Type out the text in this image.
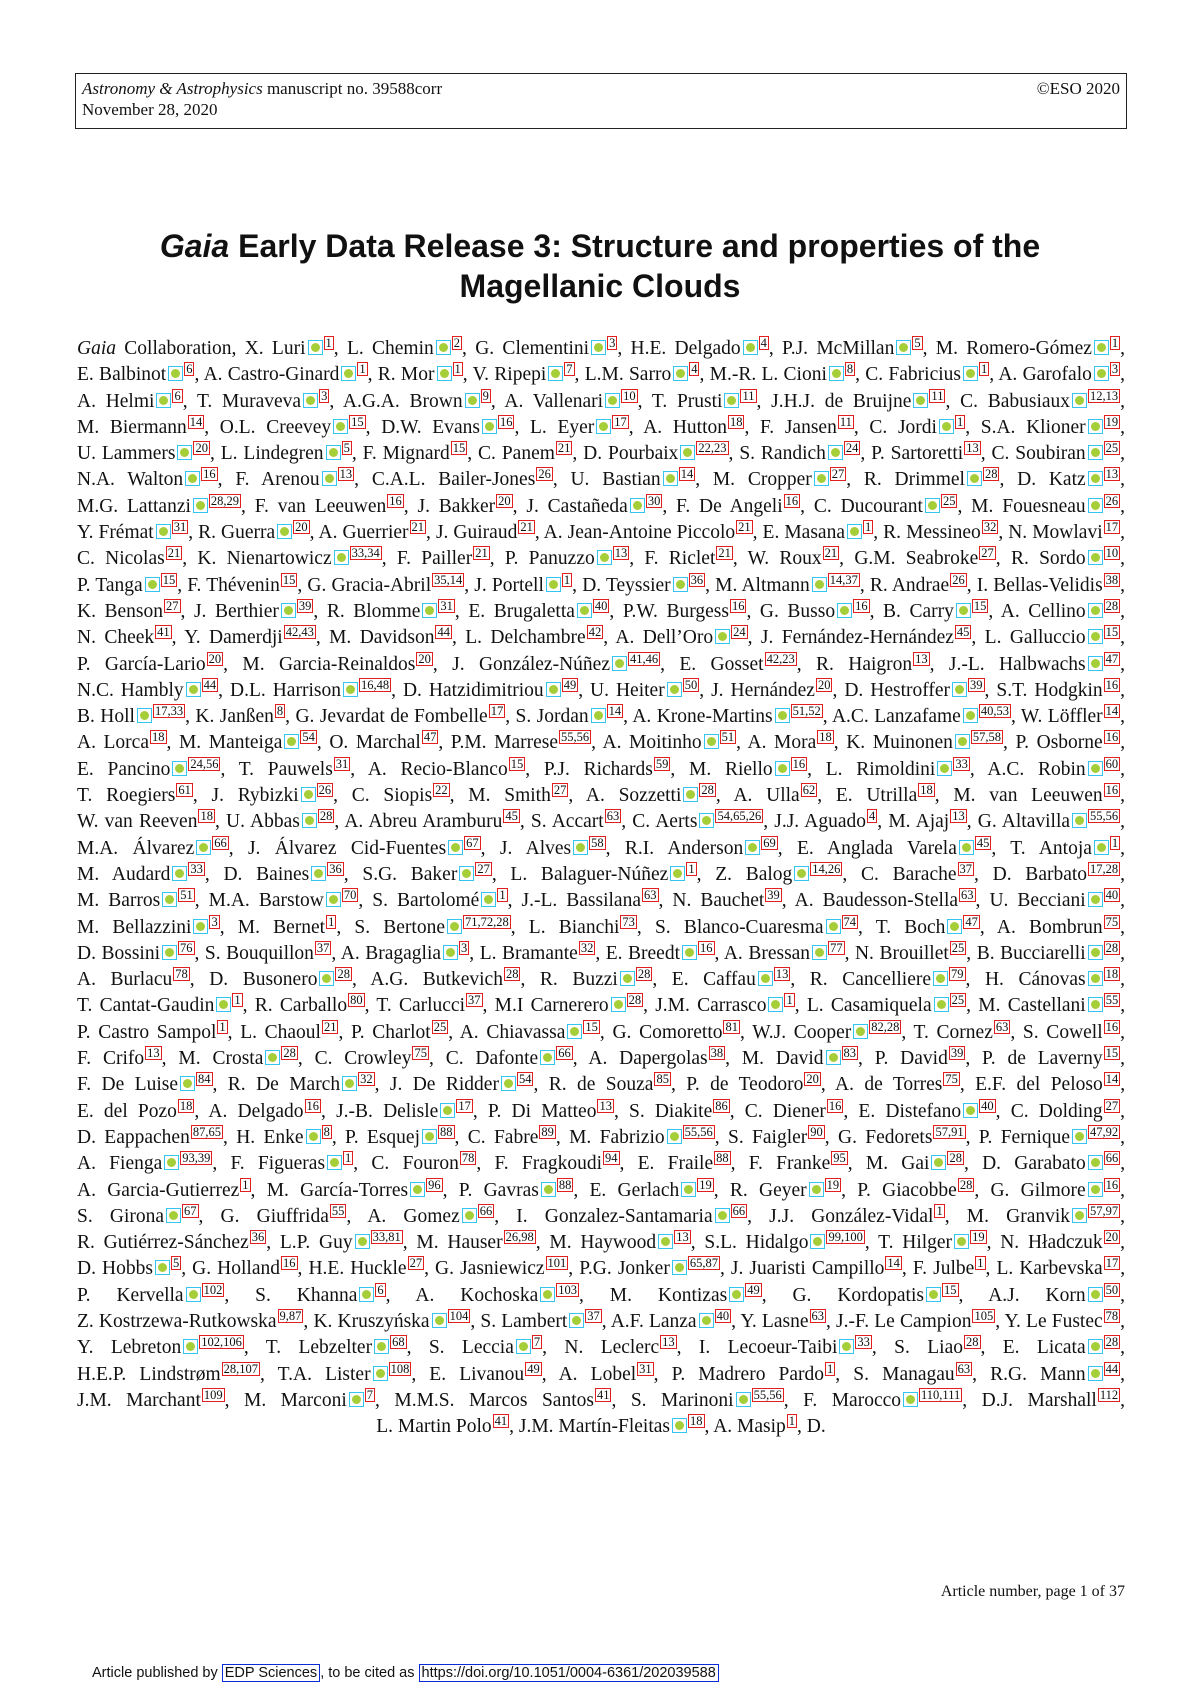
Astronomy & Astrophysics manuscript no. 39588corr
November 28, 2020
©ESO 2020
Gaia Early Data Release 3: Structure and properties of the Magellanic Clouds
Gaia Collaboration, X. Luri 1 , L. Chemin 2 , G. Clementini 3 , H.E. Delgado 4 , P.J. McMillan 5 , M. Romero-Gómez 1 , E. Balbinot 6 , A. Castro-Ginard 1 , R. Mor 1 , V. Ripepi 7 , L.M. Sarro 4 , M.-R. L. Cioni 8 , C. Fabricius 1 , A. Garofalo 3 , A. Helmi 6 , T. Muraveva 3 , A.G.A. Brown 9 , A. Vallenari 10 , T. Prusti 11 , J.H.J. de Bruijne 11 , C. Babusiaux 12,13 , M. Biermann 14 , O.L. Creevey 15 , D.W. Evans 16 , L. Eyer 17 , A. Hutton 18 , F. Jansen 11 , C. Jordi 1 , S.A. Klioner 19 , U. Lammers 20 , L. Lindegren 5 , F. Mignard 15 , C. Panem 21 , D. Pourbaix 22,23 , S. Randich 24 , P. Sartoretti 13 , C. Soubiran 25 , N.A. Walton 16 , F. Arenou 13 , C.A.L. Bailer-Jones 26 , U. Bastian 14 , M. Cropper 27 , R. Drimmel 28 , D. Katz 13 , M.G. Lattanzi 28,29 , F. van Leeuwen 16 , J. Bakker 20 , J. Castañeda 30 , F. De Angeli 16 , C. Ducourant 25 , M. Fouesneau 26 , Y. Frémat 31 , R. Guerra 20 , A. Guerrier 21 , J. Guiraud 21 , A. Jean-Antoine Piccolo 21 , E. Masana 1 , R. Messineo 32 , N. Mowlavi 17 , C. Nicolas 21 , K. Nienartowicz 33,34 , F. Pailler 21 , P. Panuzzo 13 , F. Riclet 21 , W. Roux 21 , G.M. Seabroke 27 , R. Sordo 10 , P. Tanga 15 , F. Thévenin 15 , G. Gracia-Abril 35,14 , J. Portell 1 , D. Teyssier 36 , M. Altmann 14,37 , R. Andrae 26 , I. Bellas-Velidis 38 , K. Benson 27 , J. Berthier 39 , R. Blomme 31 , E. Brugaletta 40 , P.W. Burgess 16 , G. Busso 16 , B. Carry 15 , A. Cellino 28 , N. Cheek 41 , Y. Damerdji 42,43 , M. Davidson 44 , L. Delchambre 42 , A. Dell’Oro 24 , J. Fernández-Hernández 45 , L. Galluccio 15 , P. García-Lario 20 , M. Garcia-Reinaldos 20 , J. González-Núñez 41,46 , E. Gosset 42,23 , R. Haigron 13 , J.-L. Halbwachs 47 , N.C. Hambly 44 , D.L. Harrison 16,48 , D. Hatzidimitriou 49 , U. Heiter 50 , J. Hernández 20 , D. Hestroffer 39 , S.T. Hodgkin 16 , B. Holl 17,33 , K. Janßen 8 , G. Jevardat de Fombelle 17 , S. Jordan 14 , A. Krone-Martins 51,52 , A.C. Lanzafame 40,53 , W. Löffler 14 , A. Lorca 18 , M. Manteiga 54 , O. Marchal 47 , P.M. Marrese 55,56 , A. Moitinho 51 , A. Mora 18 , K. Muinonen 57,58 , P. Osborne 16 , E. Pancino 24,56 , T. Pauwels 31 , A. Recio-Blanco 15 , P.J. Richards 59 , M. Riello 16 , L. Rimoldini 33 , A.C. Robin 60 , T. Roegiers 61 , J. Rybizki 26 , C. Siopis 22 , M. Smith 27 , A. Sozzetti 28 , A. Ulla 62 , E. Utrilla 18 , M. van Leeuwen 16 , W. van Reeven 18 , U. Abbas 28 , A. Abreu Aramburu 45 , S. Accart 63 , C. Aerts 54,65,26 , J.J. Aguado 4 , M. Ajaj 13 , G. Altavilla 55,56 , M.A. Álvarez 66 , J. Álvarez Cid-Fuentes 67 , J. Alves 58 , R.I. Anderson 69 , E. Anglada Varela 45 , T. Antoja 1 , M. Audard 33 , D. Baines 36 , S.G. Baker 27 , L. Balaguer-Núñez 1 , Z. Balog 14,26 , C. Barache 37 , D. Barbato 17,28 , M. Barros 51 , M.A. Barstow 70 , S. Bartolomé 1 , J.-L. Bassilana 63 , N. Bauchet 39 , A. Baudesson-Stella 63 , U. Becciani 40 , M. Bellazzini 3 , M. Bernet 1 , S. Bertone 71,72,28 , L. Bianchi 73 , S. Blanco-Cuaresma 74 , T. Boch 47 , A. Bombrun 75 , D. Bossini 76 , S. Bouquillon 37 , A. Bragaglia 3 , L. Bramante 32 , E. Breedt 16 , A. Bressan 77 , N. Brouillet 25 , B. Bucciarelli 28 , A. Burlacu 78 , D. Busonero 28 , A.G. Butkevich 28 , R. Buzzi 28 , E. Caffau 13 , R. Cancelliere 79 , H. Cánovas 18 , T. Cantat-Gaudin 1 , R. Carballo 80 , T. Carlucci 37 , M.I Carnerero 28 , J.M. Carrasco 1 , L. Casamiquela 25 , M. Castellani 55 , P. Castro Sampol 1 , L. Chaoul 21 , P. Charlot 25 , A. Chiavassa 15 , G. Comoretto 81 , W.J. Cooper 82,28 , T. Cornez 63 , S. Cowell 16 , F. Crifo 13 , M. Crosta 28 , C. Crowley 75 , C. Dafonte 66 , A. Dapergolas 38 , M. David 83 , P. David 39 , P. de Laverny 15 , F. De Luise 84 , R. De March 32 , J. De Ridder 54 , R. de Souza 85 , P. de Teodoro 20 , A. de Torres 75 , E.F. del Peloso 14 , E. del Pozo 18 , A. Delgado 16 , J.-B. Delisle 17 , P. Di Matteo 13 , S. Diakite 86 , C. Diener 16 , E. Distefano 40 , C. Dolding 27 , D. Eappachen 87,65 , H. Enke 8 , P. Esquej 88 , C. Fabre 89 , M. Fabrizio 55,56 , S. Faigler 90 , G. Fedorets 57,91 , P. Fernique 47,92 , A. Fienga 93,39 , F. Figueras 1 , C. Fouron 78 , F. Fragkoudi 94 , E. Fraile 88 , F. Franke 95 , M. Gai 28 , D. Garabato 66 , A. Garcia-Gutierrez 1 , M. García-Torres 96 , P. Gavras 88 , E. Gerlach 19 , R. Geyer 19 , P. Giacobbe 28 , G. Gilmore 16 , S. Girona 67 , G. Giuffrida 55 , A. Gomez 66 , I. Gonzalez-Santamaria 66 , J.J. González-Vidal 1 , M. Granvik 57,97 , R. Gutiérrez-Sánchez 36 , L.P. Guy 33,81 , M. Hauser 26,98 , M. Haywood 13 , S.L. Hidalgo 99,100 , T. Hilger 19 , N. Hładczuk 20 , D. Hobbs 5 , G. Holland 16 , H.E. Huckle 27 , G. Jasniewicz 101 , P.G. Jonker 65,87 , J. Juaristi Campillo 14 , F. Julbe 1 , L. Karbevska 17 , P. Kervella 102 , S. Khanna 6 , A. Kochoska 103 , M. Kontizas 49 , G. Kordopatis 15 , A.J. Korn 50 , Z. Kostrzewa-Rutkowska 9,87 , K. Kruszyńska 104 , S. Lambert 37 , A.F. Lanza 40 , Y. Lasne 63 , J.-F. Le Campion 105 , Y. Le Fustec 78 , Y. Lebreton 102,106 , T. Lebzelter 68 , S. Leccia 7 , N. Leclerc 13 , I. Lecoeur-Taibi 33 , S. Liao 28 , E. Licata 28 , H.E.P. Lindstrøm 28,107 , T.A. Lister 108 , E. Livanou 49 , A. Lobel 31 , P. Madrero Pardo 1 , S. Managau 63 , R.G. Mann 44 , J.M. Marchant 109 , M. Marconi 7 , M.M.S. Marcos Santos 41 , S. Marinoni 55,56 , F. Marocco 110,111 , D.J. Marshall 112 , L. Martin Polo 41 , J.M. Martín-Fleitas 18 , A. Masip 1 , D.
Article number, page 1 of 37
Article published by EDP Sciences , to be cited as https://doi.org/10.1051/0004-6361/202039588
